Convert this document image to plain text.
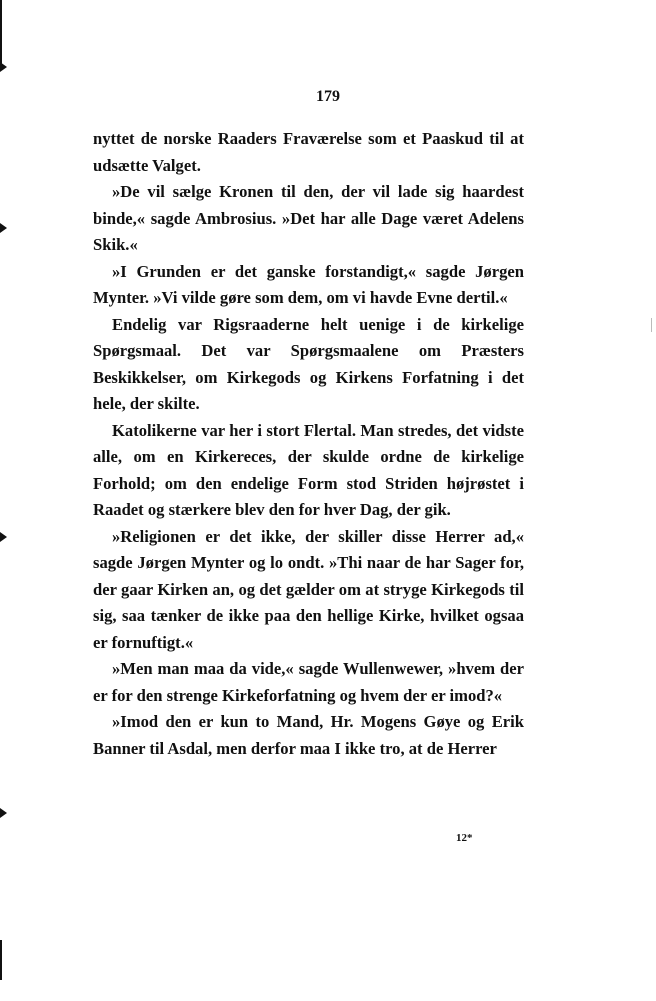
179

nyttet de norske Raaders Fraværelse som et Paaskud til at udsætte Valget.

»De vil sælge Kronen til den, der vil lade sig haardest binde,« sagde Ambrosius. »Det har alle Dage været Adelens Skik.«

»I Grunden er det ganske forstandigt,« sagde Jørgen Mynter. »Vi vilde gøre som dem, om vi havde Evne dertil.«

Endelig var Rigsraaderne helt uenige i de kirkelige Spørgsmaal. Det var Spørgsmaalene om Præsters Beskikkelser, om Kirkegods og Kirkens Forfatning i det hele, der skilte.

Katolikerne var her i stort Flertal. Man stredes, det vidste alle, om en Kirkereces, der skulde ordne de kirkelige Forhold; om den endelige Form stod Striden højrøstet i Raadet og stærkere blev den for hver Dag, der gik.

»Religionen er det ikke, der skiller disse Herrer ad,« sagde Jørgen Mynter og lo ondt. »Thi naar de har Sager for, der gaar Kirken an, og det gælder om at stryge Kirkegods til sig, saa tænker de ikke paa den hellige Kirke, hvilket ogsaa er fornuftigt.«

»Men man maa da vide,« sagde Wullenwewer, »hvem der er for den strenge Kirkeforfatning og hvem der er imod?«

»Imod den er kun to Mand, Hr. Mogens Gøye og Erik Banner til Asdal, men derfor maa I ikke tro, at de Herrer

12*
